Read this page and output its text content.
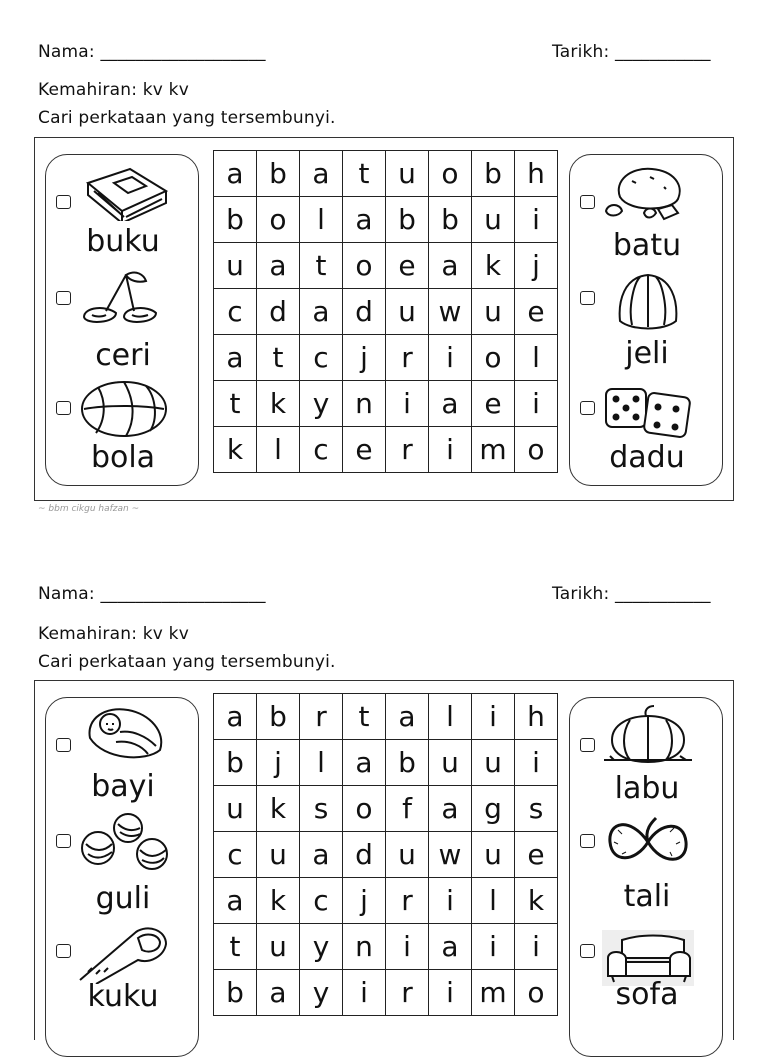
Nama: ___________________	Tarikh: ___________
Kemahiran: kv kv
Cari perkataan yang tersembunyi.
buku
ceri
bola
a	b	a	t	u	o	b	h
b	o	l	a	b	b	u	i
u	a	t	o	e	a	k	j
c	d	a	d	u	w	u	e
a	t	c	j	r	i	o	l
t	k	y	n	i	a	e	i
k	l	c	e	r	i	m	o
batu
jeli
dadu
~ bbm cikgu hafzan ~
Nama: ___________________	Tarikh: ___________
Kemahiran: kv kv
Cari perkataan yang tersembunyi.
bayi
guli
kuku
a	b	r	t	a	l	i	h
b	j	l	a	b	u	u	i
u	k	s	o	f	a	g	s
c	u	a	d	u	w	u	e
a	k	c	j	r	i	l	k
t	u	y	n	i	a	i	i
b	a	y	i	r	i	m	o
labu
tali
sofa
